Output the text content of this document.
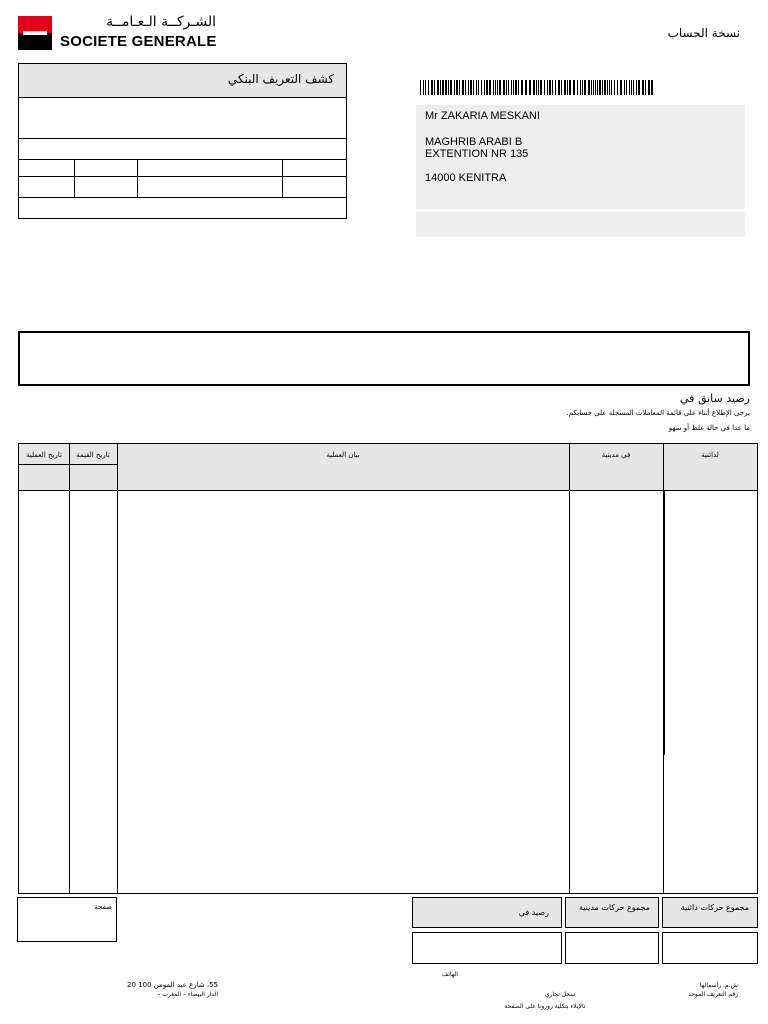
الشـركــة الـعـامــة
SOCIETE GENERALE	نسخة الحساب
كشف التعريف البنكي
Mr ZAKARIA MESKANI
MAGHRIB ARABI B
EXTENTION NR 135
14000 KENITRA
رصيد سابق في
يرجى الإطلاع أثناء على قائمة المعاملات المسجلة على حسابكم.
ما عدا في حالة غلط أو سهو
تاريخ العملية	تاريخ القيمة	بيان العملية	في مدينية	لدائنية
صفحة
رصيد في
مجموع حركات مدينية	مجموع حركات دائنية
الهاتف
55، شارع عبد المومن 100 20
الدار البيضاء – المغرب –
ش.م. رأسمالها
رقم التعريف الموحد
سجل تجاري
تالإبلاء بتكلية زورونا على الصفحة
